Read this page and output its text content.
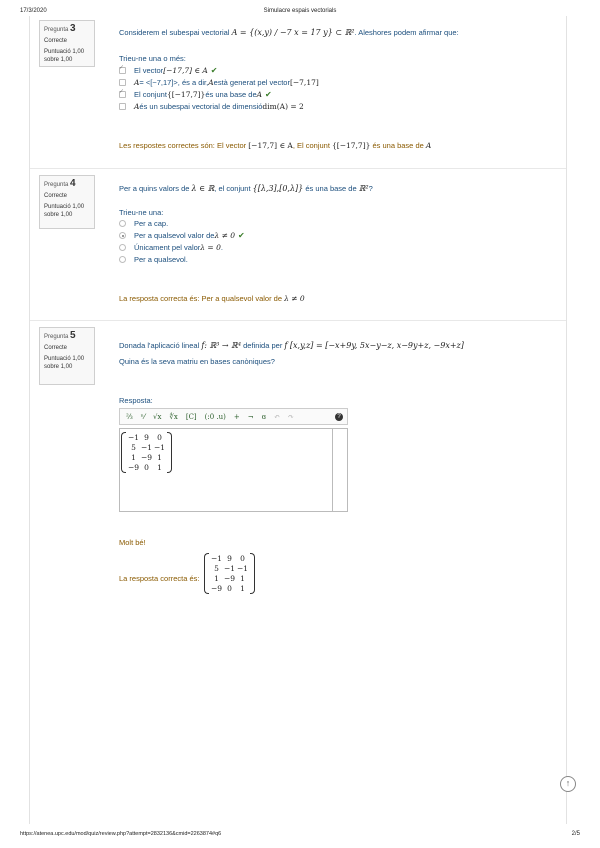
17/3/2020	Simulacre espais vectorials
Pregunta 3
Correcte
Puntuació 1,00
sobre 1,00
Considerem el subespai vectorial A = {(x,y) / −7 x = 17 y} ⊂ ℝ². Aleshores podem afirmar que:
Trieu-ne una o més:
✓
El vector [−17,7] ∈ A ✔
A = <[−7,17]>, és a dir, A està generat pel vector [−7,17]
✓
El conjunt {[−17,7]} és una base de A ✔
A és un subespai vectorial de dimensió dim(A) = 2
Les respostes correctes són: El vector [−17,7] ∈ A, El conjunt {[−17,7]} és una base de A
Pregunta 4
Correcte
Puntuació 1,00
sobre 1,00
Per a quins valors de λ ∈ ℝ, el conjunt {[λ,3],[0,λ]} és una base de ℝ²?
Trieu-ne una:
Per a cap.
Per a qualsevol valor de λ ≠ 0 ✔
Únicament pel valor λ = 0 .
Per a qualsevol.
La resposta correcta és: Per a qualsevol valor de λ ≠ 0
Pregunta 5
Correcte
Puntuació 1,00
sobre 1,00
Donada l'aplicació lineal f: ℝ³ → ℝ⁴ definida per f [x,y,z] = [−x+9y, 5x−y−z, x−9y+z, −9x+z]
Quina és la seva matriu en bases canòniques?
Resposta:
⅔ ⁿ⁄ √x ∜x [C] (:0 .u) + ¬ ɞ ↶ ↷	?
−1 9	0
5 −1 −1
1 −9 1
−9 0	1
Molt bé!
La resposta correcta és:
−1 9	0
5 −1 −1
1 −9 1
−9 0	1
↑
https://atenea.upc.edu/mod/quiz/review.php?attempt=2832136&cmid=2263874#q6	2/5
